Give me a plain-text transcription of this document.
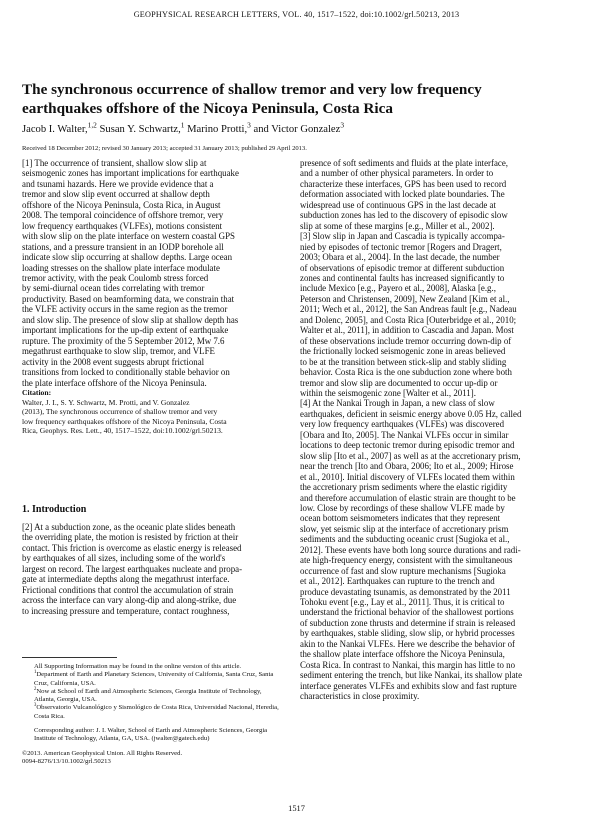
GEOPHYSICAL RESEARCH LETTERS, VOL. 40, 1517–1522, doi:10.1002/grl.50213, 2013
The synchronous occurrence of shallow tremor and very low frequency
earthquakes offshore of the Nicoya Peninsula, Costa Rica
Jacob I. Walter,$^{1,2}$ Susan Y. Schwartz,$^1$ Marino Protti,$^3$ and Victor Gonzalez$^3$
Received 18 December 2012; revised 30 January 2013; accepted 31 January 2013; published 29 April 2013.
[1] The occurrence of transient, shallow slow slip at
seismogenic zones has important implications for earthquake
and tsunami hazards. Here we provide evidence that a
tremor and slow slip event occurred at shallow depth
offshore of the Nicoya Peninsula, Costa Rica, in August
2008. The temporal coincidence of offshore tremor, very
low frequency earthquakes (VLFEs), motions consistent
with slow slip on the plate interface on western coastal GPS
stations, and a pressure transient in an IODP borehole all
indicate slow slip occurring at shallow depths. Large ocean
loading stresses on the shallow plate interface modulate
tremor activity, with the peak Coulomb stress forced
by semi-diurnal ocean tides correlating with tremor
productivity. Based on beamforming data, we constrain that
the VLFE activity occurs in the same region as the tremor
and slow slip. The presence of slow slip at shallow depth has
important implications for the up-dip extent of earthquake
rupture. The proximity of the 5 September 2012, Mw 7.6
megathrust earthquake to slow slip, tremor, and VLFE
activity in the 2008 event suggests abrupt frictional
transitions from locked to conditionally stable behavior on
the plate interface offshore of the Nicoya Peninsula.
Citation:
Walter, J. I., S. Y. Schwartz, M. Protti, and V. Gonzalez
(2013), The synchronous occurrence of shallow tremor and very
low frequency earthquakes offshore of the Nicoya Peninsula, Costa
Rica, Geophys. Res. Lett., 40, 1517–1522, doi:10.1002/grl.50213.
1. Introduction
[2] At a subduction zone, as the oceanic plate slides beneath
the overriding plate, the motion is resisted by friction at their
contact. This friction is overcome as elastic energy is released
by earthquakes of all sizes, including some of the world's
largest on record. The largest earthquakes nucleate and propa-
gate at intermediate depths along the megathrust interface.
Frictional conditions that control the accumulation of strain
across the interface can vary along-dip and along-strike, due
to increasing pressure and temperature, contact roughness,

All Supporting Information may be found in the online version of this article.

$^1$Department of Earth and Planetary Sciences, University of California, Santa Cruz, Santa Cruz, California, USA.

$^2$Now at School of Earth and Atmospheric Sciences, Georgia Institute of Technology, Atlanta, Georgia, USA.

$^3$Observatorio Vulcanológico y Sismológico de Costa Rica, Universidad Nacional, Heredia, Costa Rica.

Corresponding author: J. I. Walter, School of Earth and Atmospheric Sciences, Georgia Institute of Technology, Atlanta, GA, USA. (jwalter@gatech.edu)

©2013. American Geophysical Union. All Rights Reserved.

0094-8276/13/10.1002/grl.50213

presence of soft sediments and fluids at the plate interface,
and a number of other physical parameters. In order to
characterize these interfaces, GPS has been used to record
deformation associated with locked plate boundaries. The
widespread use of continuous GPS in the last decade at
subduction zones has led to the discovery of episodic slow
slip at some of these margins [e.g., Miller et al., 2002].
[3] Slow slip in Japan and Cascadia is typically accompa-
nied by episodes of tectonic tremor [Rogers and Dragert,
2003; Obara et al., 2004]. In the last decade, the number
of observations of episodic tremor at different subduction
zones and continental faults has increased significantly to
include Mexico [e.g., Payero et al., 2008], Alaska [e.g.,
Peterson and Christensen, 2009], New Zealand [Kim et al.,
2011; Wech et al., 2012], the San Andreas fault [e.g., Nadeau
and Dolenc, 2005], and Costa Rica [Outerbridge et al., 2010;
Walter et al., 2011], in addition to Cascadia and Japan. Most
of these observations include tremor occurring down-dip of
the frictionally locked seismogenic zone in areas believed
to be at the transition between stick-slip and stably sliding
behavior. Costa Rica is the one subduction zone where both
tremor and slow slip are documented to occur up-dip or
within the seismogenic zone [Walter et al., 2011].
[4] At the Nankai Trough in Japan, a new class of slow
earthquakes, deficient in seismic energy above 0.05 Hz, called
very low frequency earthquakes (VLFEs) was discovered
[Obara and Ito, 2005]. The Nankai VLFEs occur in similar
locations to deep tectonic tremor during episodic tremor and
slow slip [Ito et al., 2007] as well as at the accretionary prism,
near the trench [Ito and Obara, 2006; Ito et al., 2009; Hirose
et al., 2010]. Initial discovery of VLFEs located them within
the accretionary prism sediments where the elastic rigidity
and therefore accumulation of elastic strain are thought to be
low. Close by recordings of these shallow VLFE made by
ocean bottom seismometers indicates that they represent
slow, yet seismic slip at the interface of accretionary prism
sediments and the subducting oceanic crust [Sugioka et al.,
2012]. These events have both long source durations and radi-
ate high-frequency energy, consistent with the simultaneous
occurrence of fast and slow rupture mechanisms [Sugioka
et al., 2012]. Earthquakes can rupture to the trench and
produce devastating tsunamis, as demonstrated by the 2011
Tohoku event [e.g., Lay et al., 2011]. Thus, it is critical to
understand the frictional behavior of the shallowest portions
of subduction zone thrusts and determine if strain is released
by earthquakes, stable sliding, slow slip, or hybrid processes
akin to the Nankai VLFEs. Here we describe the behavior of
the shallow plate interface offshore the Nicoya Peninsula,
Costa Rica. In contrast to Nankai, this margin has little to no
sediment entering the trench, but like Nankai, its shallow plate
interface generates VLFEs and exhibits slow and fast rupture
characteristics in close proximity.
1517
